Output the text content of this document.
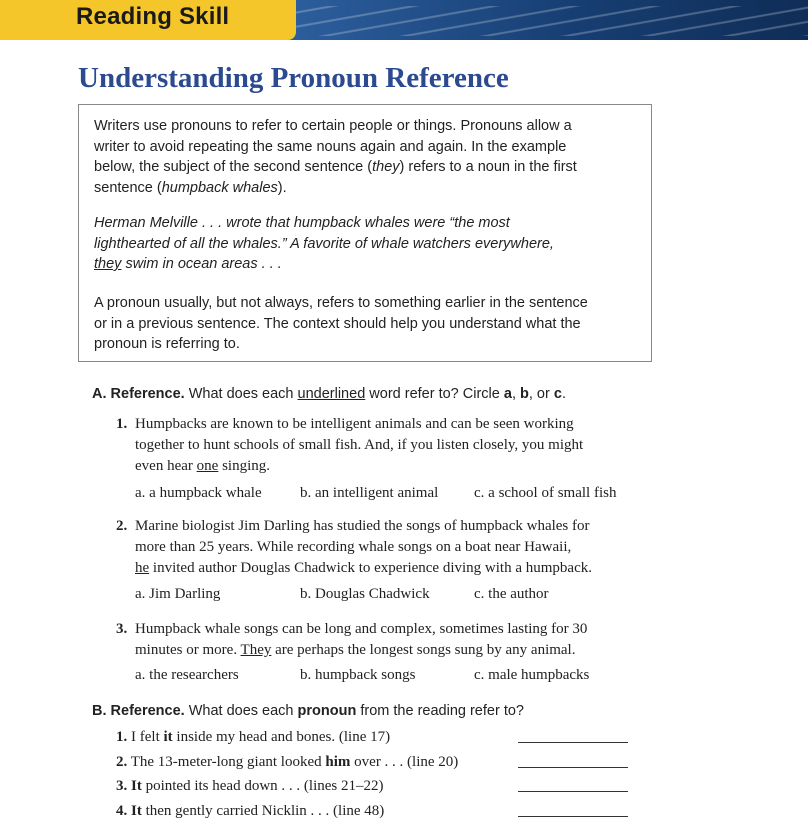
Reading Skill
Understanding Pronoun Reference
Writers use pronouns to refer to certain people or things. Pronouns allow a
writer to avoid repeating the same nouns again and again. In the example
below, the subject of the second sentence (they) refers to a noun in the first
sentence (humpback whales).
Herman Melville . . . wrote that humpback whales were “the most
lighthearted of all the whales.” A favorite of whale watchers everywhere,
they swim in ocean areas . . .
A pronoun usually, but not always, refers to something earlier in the sentence
or in a previous sentence. The context should help you understand what the
pronoun is referring to.
A. Reference. What does each underlined word refer to? Circle a, b, or c.
1. Humpbacks are known to be intelligent animals and can be seen working
together to hunt schools of small fish. And, if you listen closely, you might
even hear one singing.
a. a humpback whale	b. an intelligent animal c. a school of small fish
2. Marine biologist Jim Darling has studied the songs of humpback whales for
more than 25 years. While recording whale songs on a boat near Hawaii,
he invited author Douglas Chadwick to experience diving with a humpback.
a. Jim Darling	b. Douglas Chadwick	c. the author
3. Humpback whale songs can be long and complex, sometimes lasting for 30
minutes or more. They are perhaps the longest songs sung by any animal.
a. the researchers	b. humpback songs	c. male humpbacks
B. Reference. What does each pronoun from the reading refer to?
1. I felt it inside my head and bones. (line 17)
2. The 13-meter-long giant looked him over . . . (line 20)
3. It pointed its head down . . . (lines 21–22)
4. It then gently carried Nicklin . . . (line 48)
